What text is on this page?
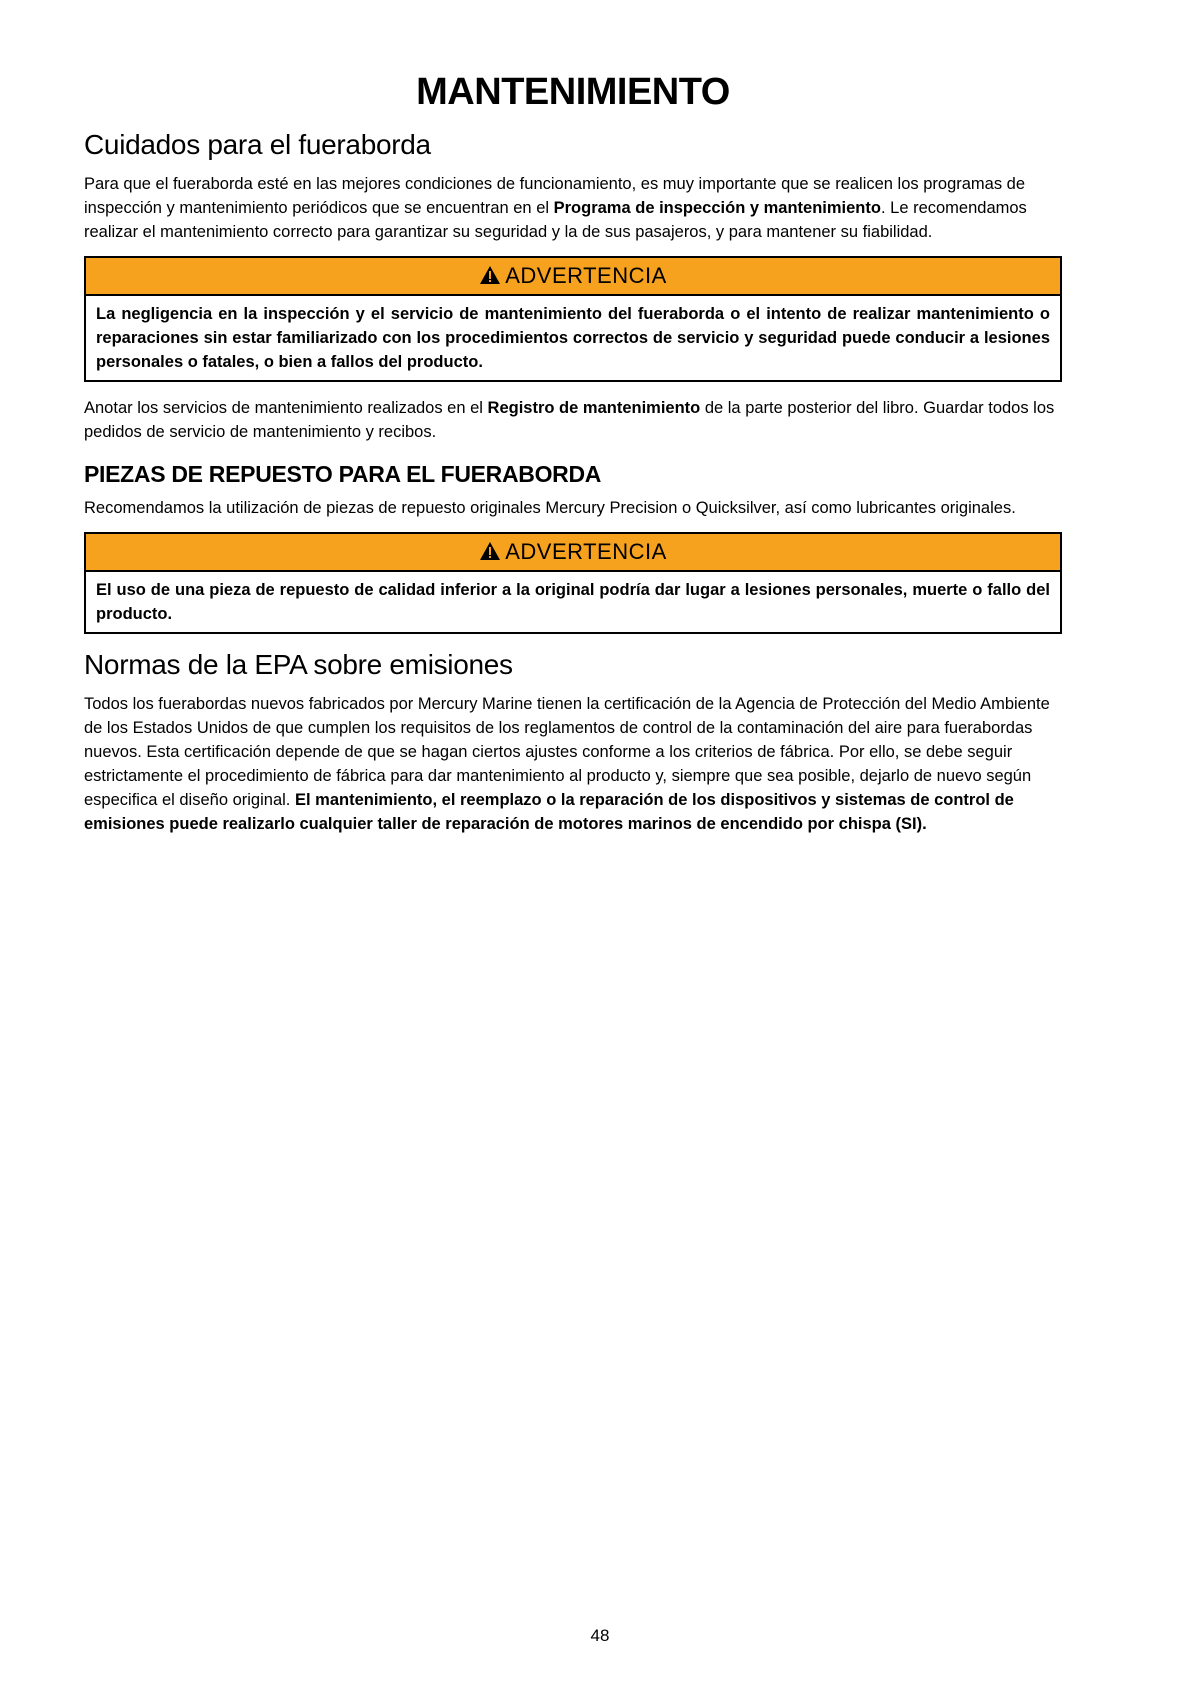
MANTENIMIENTO
Cuidados para el fueraborda

Para que el fueraborda esté en las mejores condiciones de funcionamiento, es muy importante que se realicen los programas de inspección y mantenimiento periódicos que se encuentran en el Programa de inspección y mantenimiento. Le recomendamos realizar el mantenimiento correcto para garantizar su seguridad y la de sus pasajeros, y para mantener su fiabilidad.

ADVERTENCIA
La negligencia en la inspección y el servicio de mantenimiento del fueraborda o el intento de realizar mantenimiento o reparaciones sin estar familiarizado con los procedimientos correctos de servicio y seguridad puede conducir a lesiones personales o fatales, o bien a fallos del producto.

Anotar los servicios de mantenimiento realizados en el Registro de mantenimiento de la parte posterior del libro. Guardar todos los pedidos de servicio de mantenimiento y recibos.

PIEZAS DE REPUESTO PARA EL FUERABORDA

Recomendamos la utilización de piezas de repuesto originales Mercury Precision o Quicksilver, así como lubricantes originales.

ADVERTENCIA
El uso de una pieza de repuesto de calidad inferior a la original podría dar lugar a lesiones personales, muerte o fallo del producto.
Normas de la EPA sobre emisiones

Todos los fuerabordas nuevos fabricados por Mercury Marine tienen la certificación de la Agencia de Protección del Medio Ambiente de los Estados Unidos de que cumplen los requisitos de los reglamentos de control de la contaminación del aire para fuerabordas nuevos. Esta certificación depende de que se hagan ciertos ajustes conforme a los criterios de fábrica. Por ello, se debe seguir estrictamente el procedimiento de fábrica para dar mantenimiento al producto y, siempre que sea posible, dejarlo de nuevo según especifica el diseño original. El mantenimiento, el reemplazo o la reparación de los dispositivos y sistemas de control de emisiones puede realizarlo cualquier taller de reparación de motores marinos de encendido por chispa (SI).

48
